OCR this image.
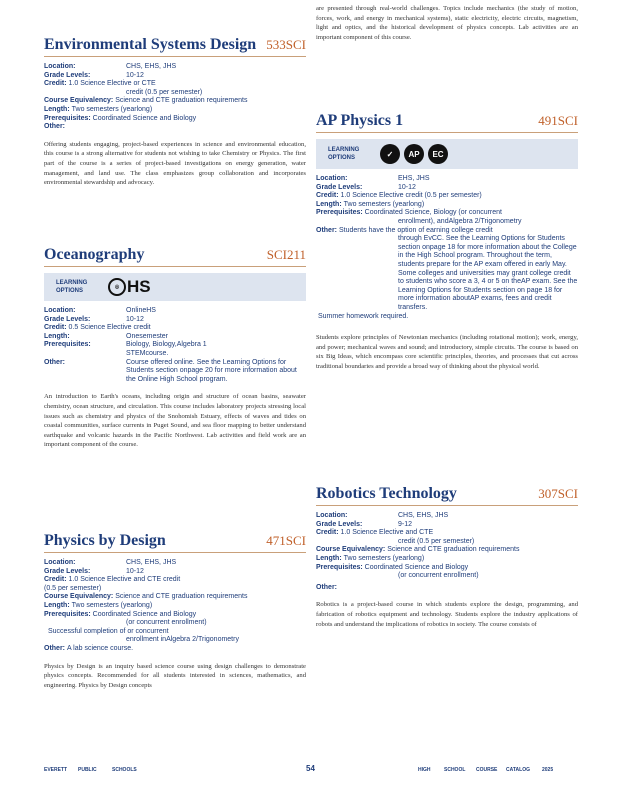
Environmental Systems Design 533SCI
Location:	CHS, EHS, JHS
Grade Levels:	10-12
Credit:
1.0 Science Elective or CTE
credit (0.5 per semester)
Course Equivalency:
Science and CTE graduation requirements
Length:
Two semesters (yearlong)
Prerequisites:
Coordinated Science and Biology
Other:
Offering students engaging, project-based experiences in science and environmental education, this course is a strong alternative for students not wishing to take Chemistry or Physics. The first part of the course is a series of project-based investigations on energy generation, water management, and land use. The class emphasizes group collaboration and incorporates environmental stewardship and advocacy.
Oceanography	SCI211
LEARNING
OPTIONS
◎ HS
Location:	OnlineHS
Grade Levels:	10-12
Credit:
0.5 Science Elective credit
Length:	Onesemester
Prerequisites:	Biology, Biology,Algebra 1
STEMcourse.
Other:	Course offered online. See the Learning Options for Students section onpage 20 for more information about the Online High School program.
An introduction to Earth's oceans, including origin and structure of ocean basins, seawater chemistry, ocean structure, and circulation. This course includes laboratory projects stressing local issues such as chemistry and physics of the Snohomish Estuary, effects of waves and tides on coastal communities, surface currents in Puget Sound, and sea floor mapping to better understand earthquake and volcanic hazards in the Pacific Northwest. Lab activities and field work are an important component of the course.
Physics by Design	471SCI
Location:	CHS, EHS, JHS
Grade Levels:	10-12
Credit:
1.0 Science Elective and CTE credit
(0.5 per semester)
Course Equivalency:
Science and CTE graduation requirements
Length:
Two semesters (yearlong)
Prerequisites:
Coordinated Science and Biology
(or concurrent enrollment)
Successful completion of or concurrent
enrollment inAlgebra 2/Trigonometry
Other:
A lab science course.
Physics by Design is an inquiry based science course using design challenges to demonstrate physics concepts. Recommended for all students interested in sciences, mathematics, and engineering. Physics by Design concepts
are presented through real-world challenges. Topics include mechanics (the study of motion, forces, work, and energy in mechanical systems), static electricity, electric circuits, magnetism, light and optics, and the historical development of physics concepts. Lab activities are an important component of this course.
AP Physics 1	491SCI
LEARNING
OPTIONS	✓	AP	EC
Location:	EHS, JHS
Grade Levels:	10-12
Credit:
1.0 Science Elective credit (0.5 per semester)
Length:
Two semesters (yearlong)
Prerequisites:
Coordinated Science, Biology (or concurrent
enrollment), andAlgebra 2/Trigonometry
Other:
Students have the option of earning college credit
through EvCC. See the Learning Options for Students section onpage 18 for more information about the College in the High School program. Throughout the term, students prepare for the AP exam offered in early May. Some colleges and universities may grant college credit to students who score a 3, 4 or 5 on theAP exam. See the Learning Options for Students section on page 18 for more information aboutAP exams, fees and credit transfers.
Summer homework required.
Students explore principles of Newtonian mechanics (including rotational motion); work, energy, and power; mechanical waves and sound; and introductory, simple circuits. The course is based on six Big Ideas, which encompass core scientific principles, theories, and processes that cut across traditional boundaries and provide a broad way of thinking about the physical world.
Robotics Technology	307SCI
Location:	CHS, EHS, JHS
Grade Levels:	9-12
Credit:
1.0 Science Elective and CTE
credit (0.5 per semester)
Course Equivalency:
Science and CTE graduation requirements
Length:
Two semesters (yearlong)
Prerequisites:
Coordinated Science and Biology
(or concurrent enrollment)
Other:
Robotics is a project-based course in which students explore the design, programming, and fabrication of robotics equipment and technology. Students explore the industry applications of robots and understand the implications of robotics in society. The course consists of
EVERETT PUBLIC	SCHOOLS	54	HIGH	SCHOOL COURSE CATALOG 2025
